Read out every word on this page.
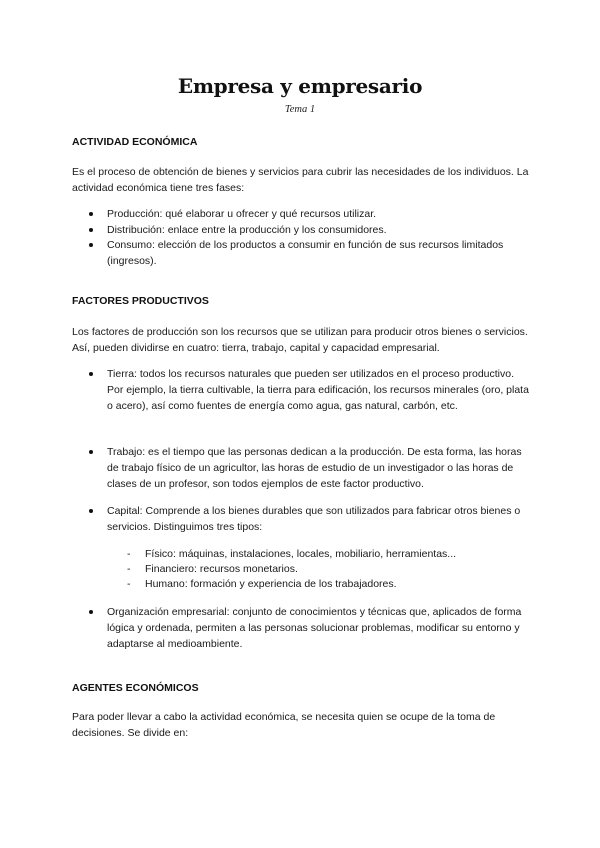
Empresa y empresario
Tema 1
ACTIVIDAD ECONÓMICA
Es el proceso de obtención de bienes y servicios para cubrir las necesidades de los individuos. La actividad económica tiene tres fases:
Producción: qué elaborar u ofrecer y qué recursos utilizar.
Distribución: enlace entre la producción y los consumidores.
Consumo: elección de los productos a consumir en función de sus recursos limitados (ingresos).
FACTORES PRODUCTIVOS
Los factores de producción son los recursos que se utilizan para producir otros bienes o servicios. Así, pueden dividirse en cuatro: tierra, trabajo, capital y capacidad empresarial.
Tierra: todos los recursos naturales que pueden ser utilizados en el proceso productivo. Por ejemplo, la tierra cultivable, la tierra para edificación, los recursos minerales (oro, plata o acero), así como fuentes de energía como agua, gas natural, carbón, etc.
Trabajo: es el tiempo que las personas dedican a la producción. De esta forma, las horas de trabajo físico de un agricultor, las horas de estudio de un investigador o las horas de clases de un profesor, son todos ejemplos de este factor productivo.
Capital: Comprende a los bienes durables que son utilizados para fabricar otros bienes o servicios. Distinguimos tres tipos:
- Físico: máquinas, instalaciones, locales, mobiliario, herramientas...
- Financiero: recursos monetarios.
- Humano: formación y experiencia de los trabajadores.
Organización empresarial: conjunto de conocimientos y técnicas que, aplicados de forma lógica y ordenada, permiten a las personas solucionar problemas, modificar su entorno y adaptarse al medioambiente.
AGENTES ECONÓMICOS
Para poder llevar a cabo la actividad económica, se necesita quien se ocupe de la toma de decisiones. Se divide en:
